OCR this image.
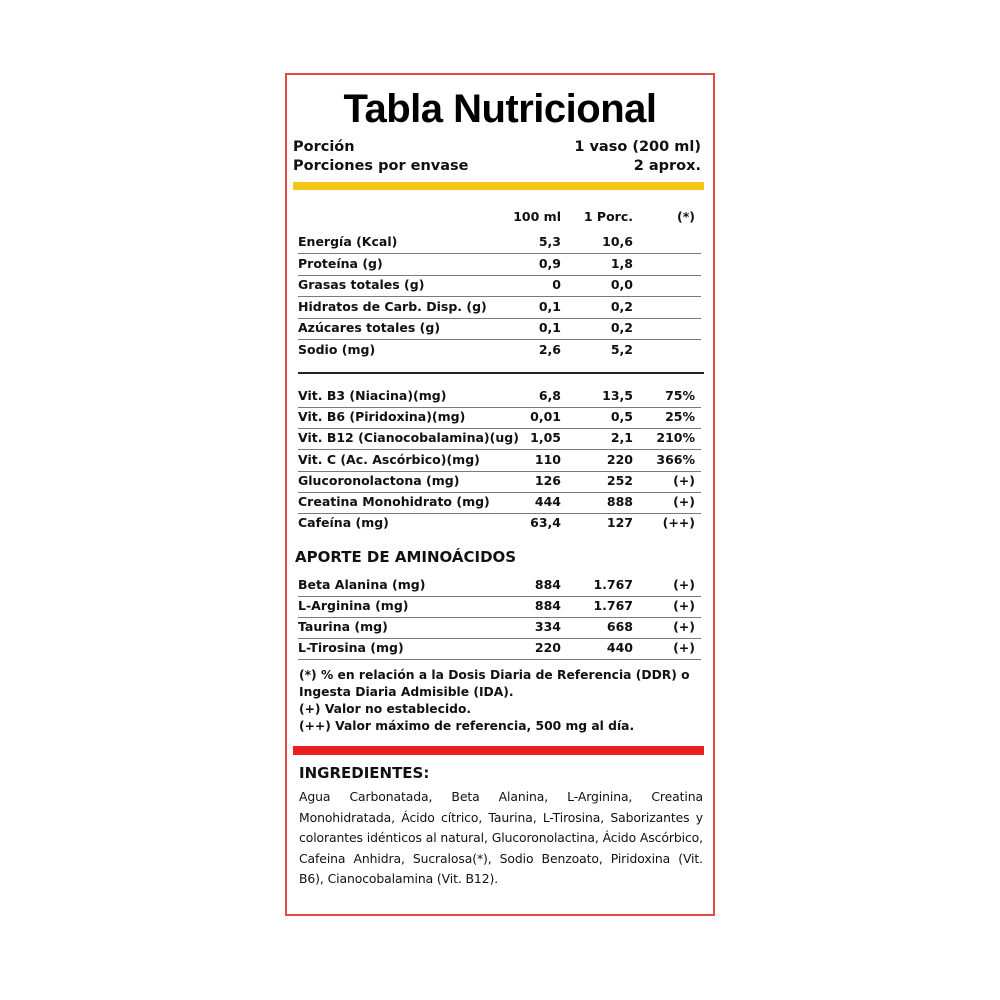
Tabla Nutricional
Porción	1 vaso (200 ml)
Porciones por envase	2 aprox.
100 ml 1 Porc.	(*)
Energía (Kcal)	5,3	10,6
Proteína (g)	0,9	1,8
Grasas totales (g)	0	0,0
Hidratos de Carb. Disp. (g)	0,1	0,2
Azúcares totales (g)	0,1	0,2
Sodio (mg)	2,6	5,2
Vit. B3 (Niacina)(mg)	6,8	13,5	75%
Vit. B6 (Piridoxina)(mg)	0,01	0,5	25%
Vit. B12 (Cianocobalamina)(ug) 1,05	2,1 210%
Vit. C (Ac. Ascórbico)(mg)	110	220 366%
Glucoronolactona (mg)	126	252	(+)
Creatina Monohidrato (mg)	444	888	(+)
Cafeína (mg)	63,4	127 (++)
APORTE DE AMINOÁCIDOS
Beta Alanina (mg)	884	1.767	(+)
L-Arginina (mg)	884	1.767	(+)
Taurina (mg)	334	668	(+)
L-Tirosina (mg)	220	440	(+)
(*) % en relación a la Dosis Diaria de Referencia (DDR) o
Ingesta Diaria Admisible (IDA).
(+) Valor no establecido.
(++) Valor máximo de referencia, 500 mg al día.
INGREDIENTES:
Agua Carbonatada, Beta Alanina, L-Arginina, Creatina Monohidratada, Ácido cítrico, Taurina, L-Tirosina, Saborizantes y colorantes idénticos al natural, Glucoronolactina, Ácido Ascórbico, Cafeina Anhidra, Sucralosa(*), Sodio Benzoato, Piridoxina (Vit. B6), Cianocobalamina (Vit. B12).
